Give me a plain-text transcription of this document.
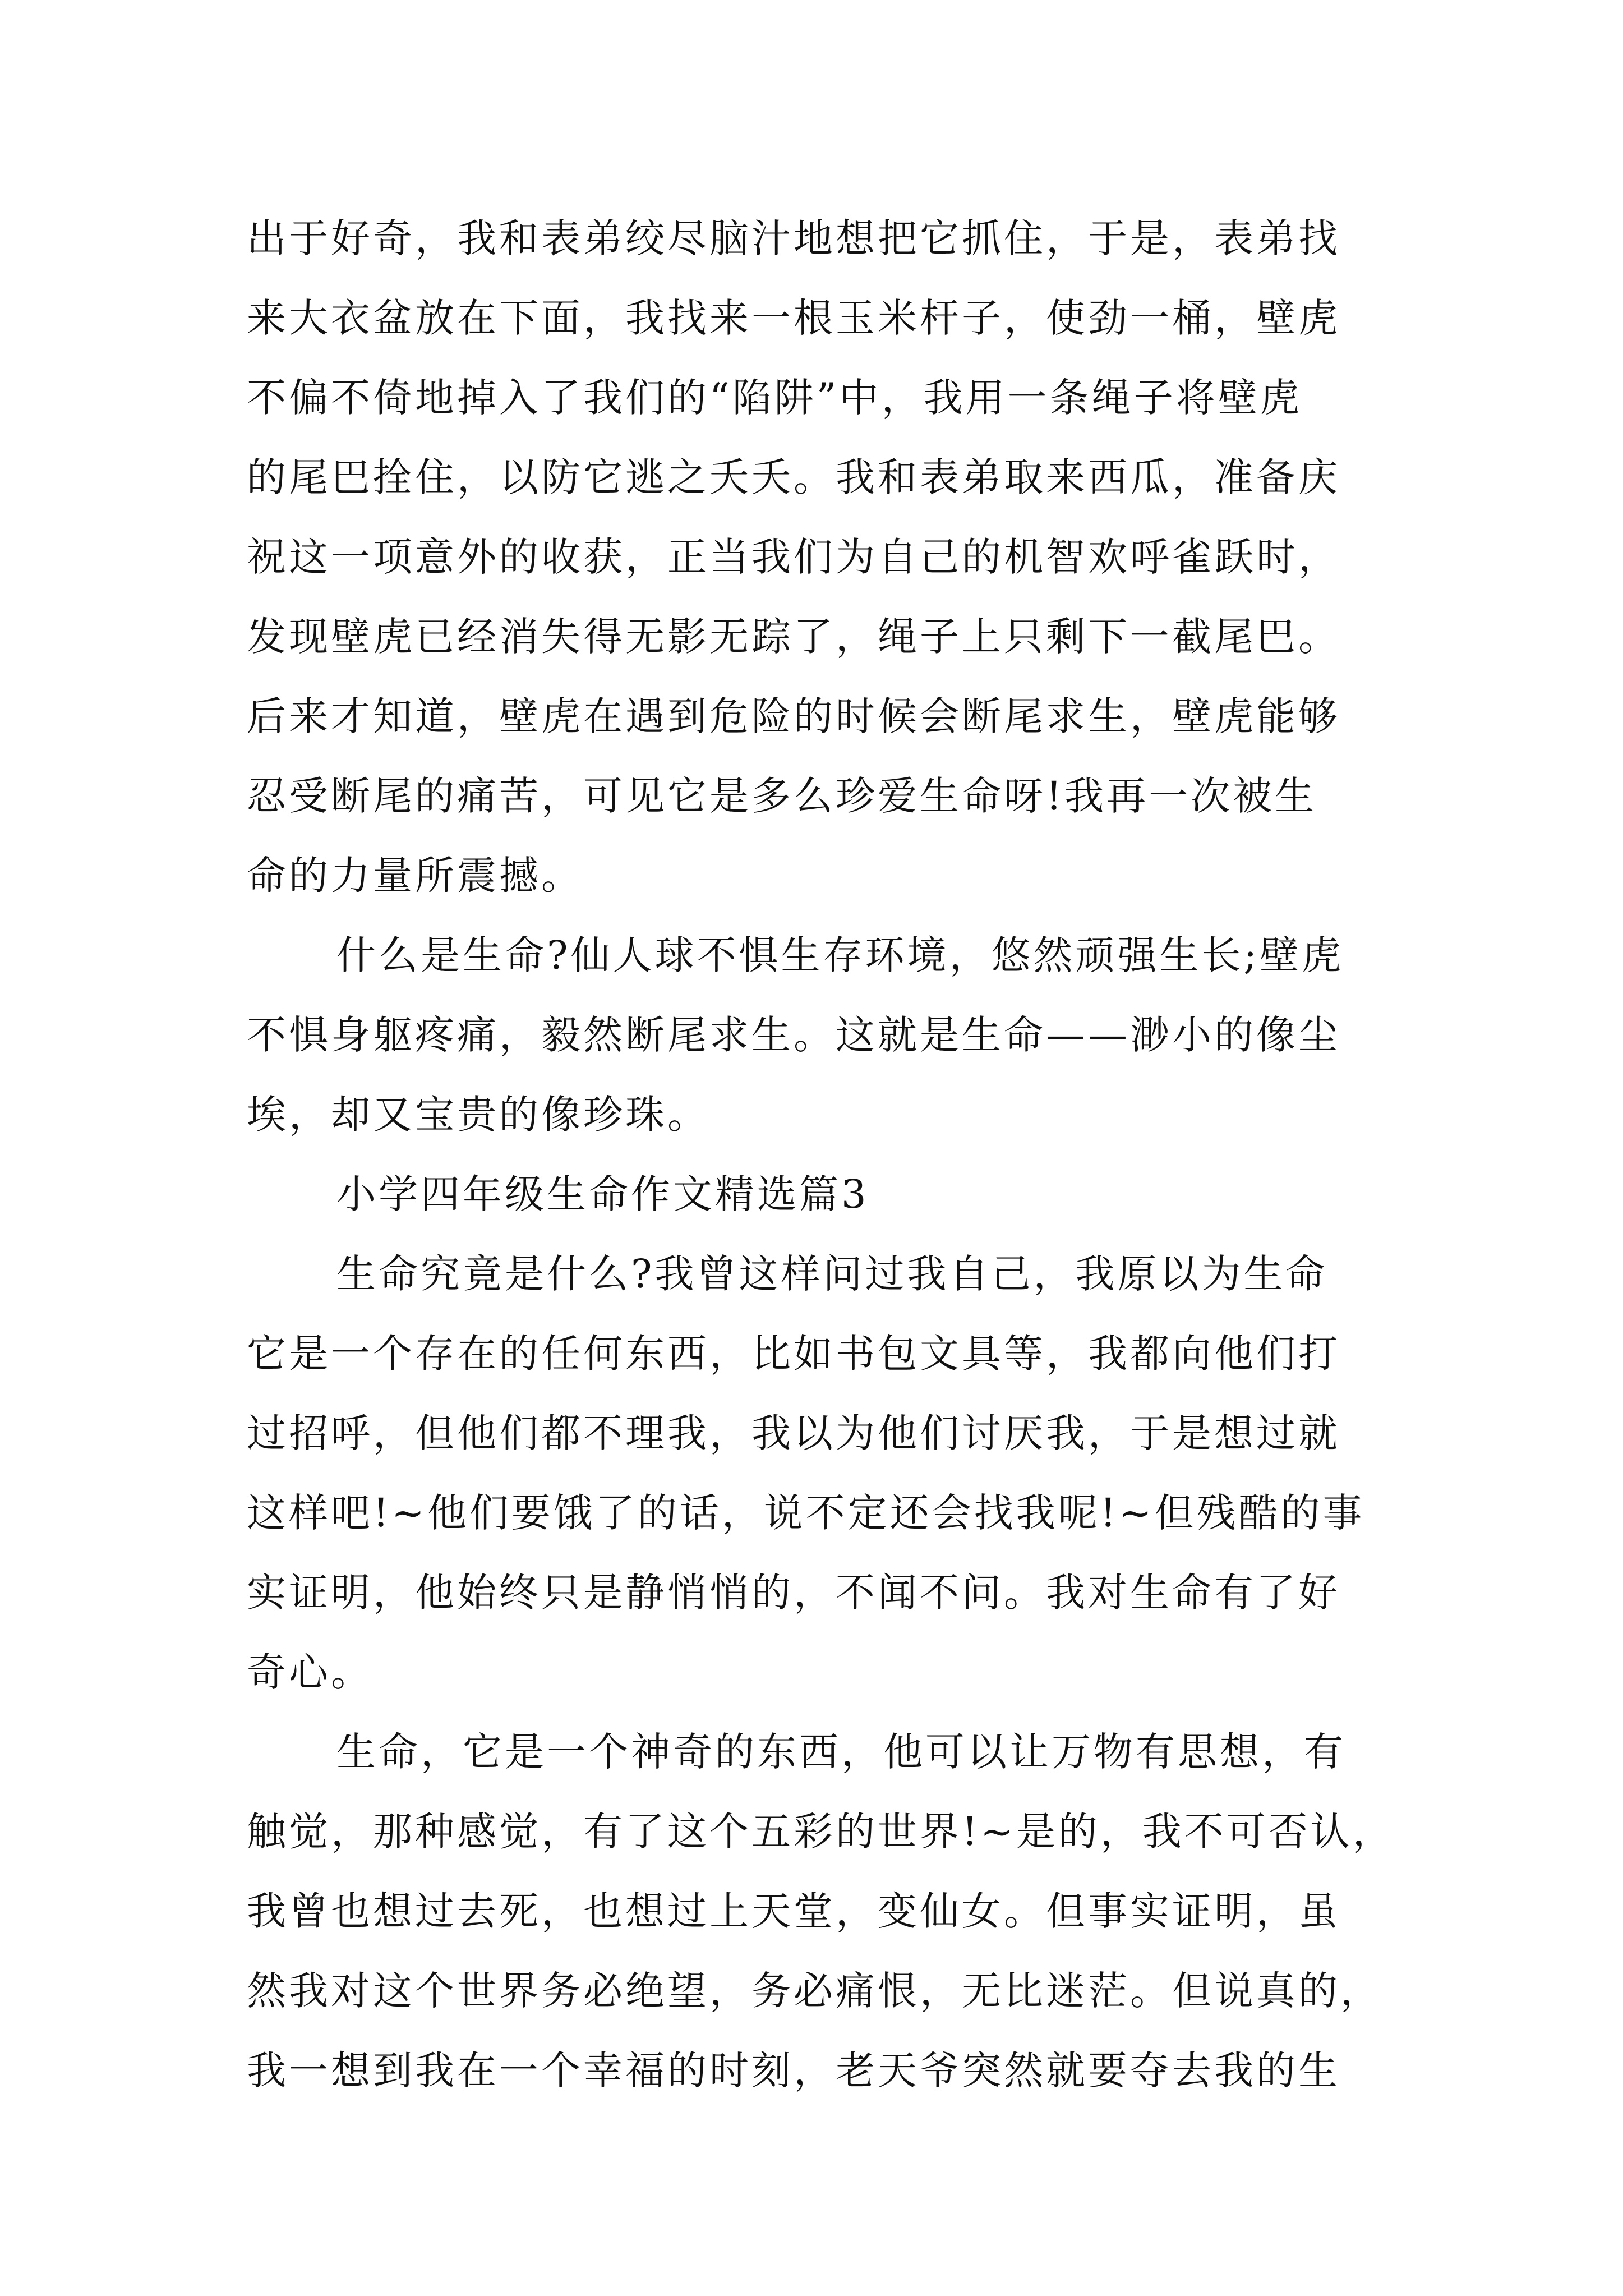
出于好奇，我和表弟绞尽脑汁地想把它抓住，于是，表弟找
来大衣盆放在下面，我找来一根玉米杆子，使劲一桶，壁虎
不偏不倚地掉入了我们的“陷阱”中，我用一条绳子将壁虎
的尾巴拴住，以防它逃之夭夭。我和表弟取来西瓜，准备庆
祝这一项意外的收获，正当我们为自己的机智欢呼雀跃时，
发现壁虎已经消失得无影无踪了，绳子上只剩下一截尾巴。
后来才知道，壁虎在遇到危险的时候会断尾求生，壁虎能够
忍受断尾的痛苦，可见它是多么珍爱生命呀!我再一次被生
命的力量所震撼。
什么是生命?仙人球不惧生存环境，悠然顽强生长;壁虎
不惧身躯疼痛，毅然断尾求生。这就是生命——渺小的像尘
埃，却又宝贵的像珍珠。
小学四年级生命作文精选篇3
生命究竟是什么?我曾这样问过我自己，我原以为生命
它是一个存在的任何东西，比如书包文具等，我都向他们打
过招呼，但他们都不理我，我以为他们讨厌我，于是想过就
这样吧!~他们要饿了的话，说不定还会找我呢!~但残酷的事
实证明，他始终只是静悄悄的，不闻不问。我对生命有了好
奇心。
生命，它是一个神奇的东西，他可以让万物有思想，有
触觉，那种感觉，有了这个五彩的世界!~是的，我不可否认，
我曾也想过去死，也想过上天堂，变仙女。但事实证明，虽
然我对这个世界务必绝望，务必痛恨，无比迷茫。但说真的，
我一想到我在一个幸福的时刻，老天爷突然就要夺去我的生
